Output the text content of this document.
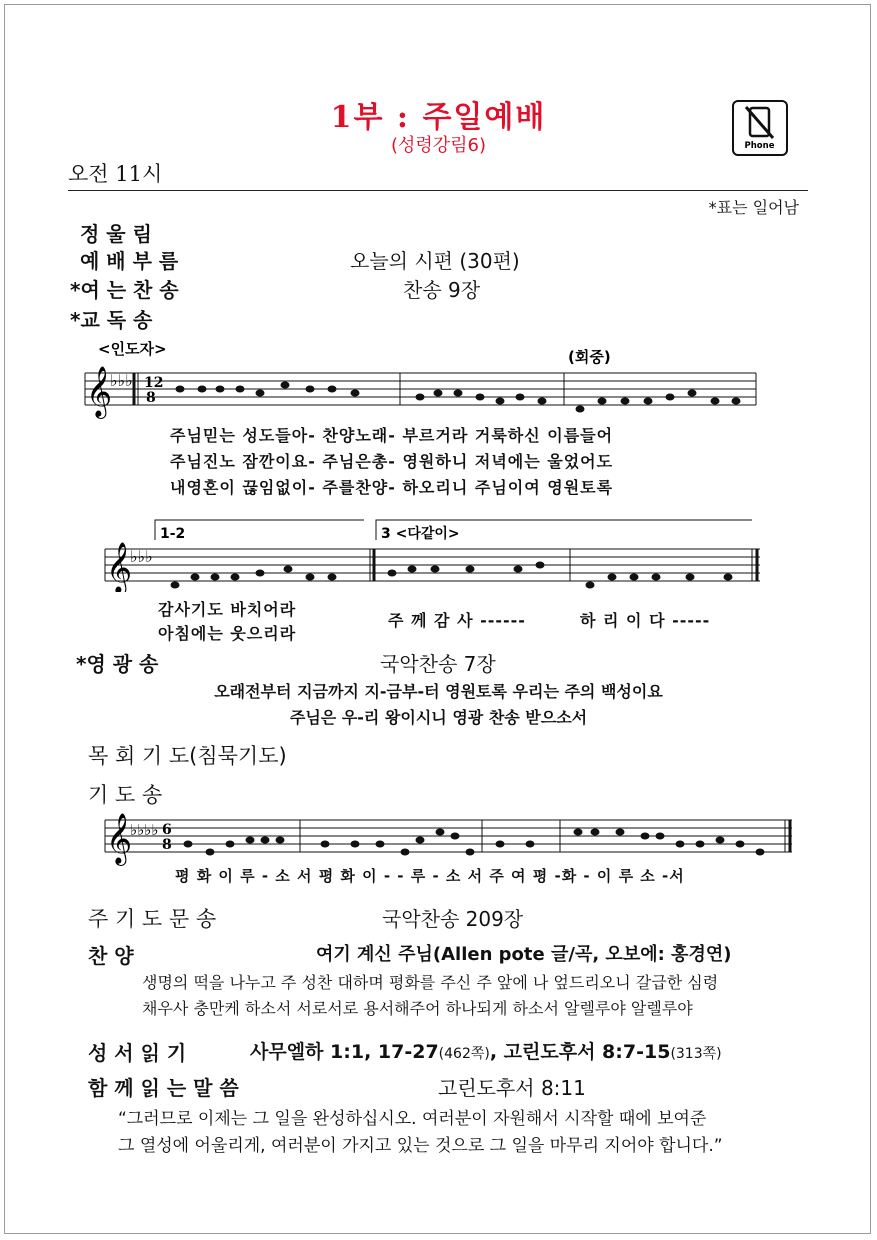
1부 : 주일예배
(성령강림6)	Phone
오전 11시
*표는 일어남
정 울 림
예 배 부 름	오늘의 시편 (30편)
*여 는 찬 송	찬송 9장
*교 독 송
<인도자>	(회중)
𝄞
♭♭♭ 12
8
주님믿는 성도들아- 찬양노래- 부르거라 거룩하신 이름들어
주님진노 잠깐이요- 주님은총- 영원하니 저녁에는 울었어도
내영혼이 끊임없이- 주를찬양- 하오리니 주님이여 영원토록
1-2	3 <다같이>
𝄞
♭♭♭
감사기도 바치어라
아침에는 웃으리라
주 께 감 사 ------	하 리 이 다 -----
*영 광 송	국악찬송 7장
오래전부터 지금까지 지-금부-터 영원토록 우리는 주의 백성이요
주님은 우-리 왕이시니 영광 찬송 받으소서
목 회 기 도(침묵기도)
기 도 송
𝄞
♭♭♭♭ 6
8
평 화 이 루 - 소 서 평 화 이 - - 루 - 소 서 주 여 평 -화 - 이 루 소 -서
주 기 도 문 송	국악찬송 209장
찬 양	여기 계신 주님(Allen pote 글/곡, 오보에: 홍경연)
생명의 떡을 나누고 주 성찬 대하며 평화를 주신 주 앞에 나 엎드리오니 갈급한 심령
채우사 충만케 하소서 서로서로 용서해주어 하나되게 하소서 알렐루야 알렐루야
성 서 읽 기	사무엘하 1:1, 17-27(462쪽), 고린도후서 8:7-15(313쪽)
함 께 읽 는 말 씀	고린도후서 8:11
“그러므로 이제는 그 일을 완성하십시오. 여러분이 자원해서 시작할 때에 보여준
그 열성에 어울리게, 여러분이 가지고 있는 것으로 그 일을 마무리 지어야 합니다.”
